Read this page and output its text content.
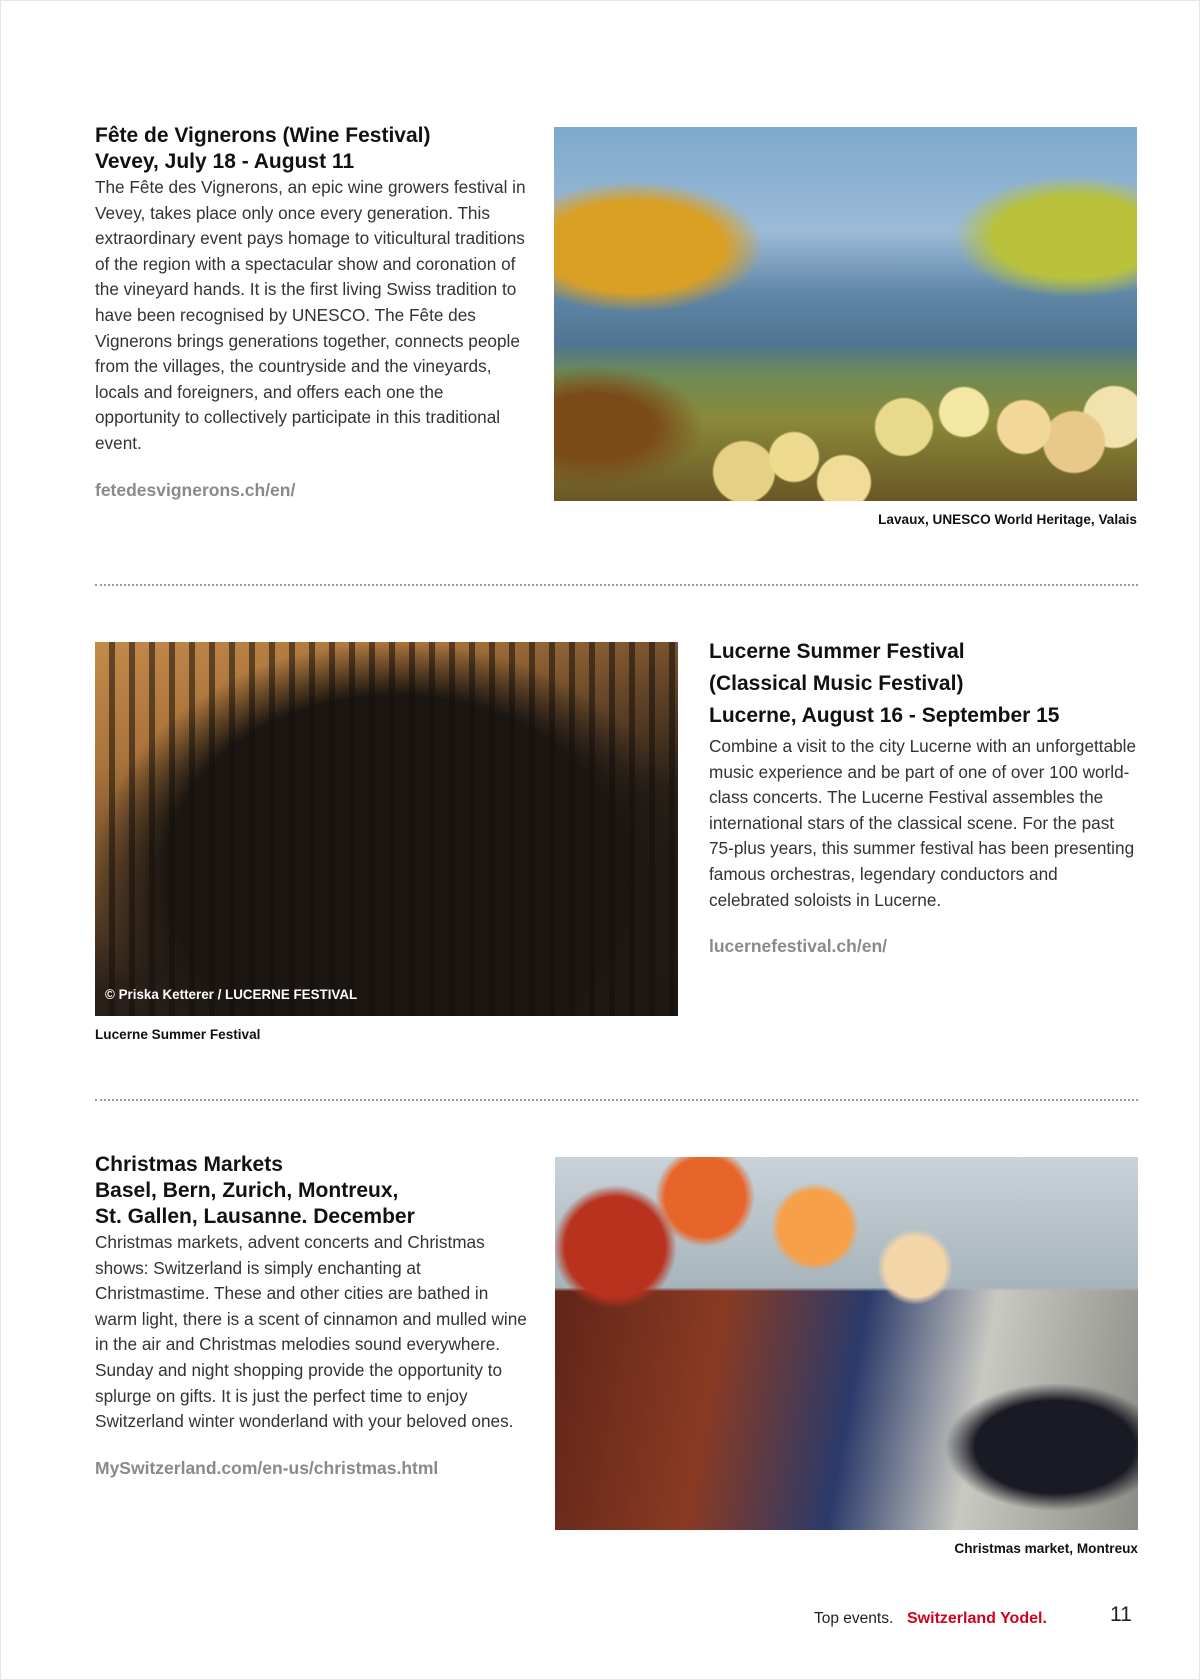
Fête de Vignerons (Wine Festival)
Vevey, July 18 - August 11

The Fête des Vignerons, an epic wine growers festival in Vevey, takes place only once every generation. This extraordinary event pays homage to viticultural traditions of the region with a spectacular show and coronation of the vineyard hands. It is the first living Swiss tradition to have been recognised by UNESCO. The Fête des Vignerons brings generations together, connects people from the villages, the countryside and the vineyards, locals and foreigners, and offers each one the opportunity to collectively participate in this traditional event.

fetedesvignerons.ch/en/
Lavaux, UNESCO World Heritage, Valais
© Priska Ketterer / LUCERNE FESTIVAL
Lucerne Summer Festival
Lucerne Summer Festival
(Classical Music Festival)
Lucerne, August 16 - September 15

Combine a visit to the city Lucerne with an unforgettable music experience and be part of one of over 100 world-class concerts. The Lucerne Festival assembles the international stars of the classical scene. For the past 75-plus years, this summer festival has been presenting famous orchestras, legendary conductors and celebrated soloists in Lucerne.

lucernefestival.ch/en/
Christmas Markets
Basel, Bern, Zurich, Montreux,
St. Gallen, Lausanne. December

Christmas markets, advent concerts and Christmas shows: Switzerland is simply enchanting at Christmastime. These and other cities are bathed in warm light, there is a scent of cinnamon and mulled wine in the air and Christmas melodies sound everywhere. Sunday and night shopping provide the opportunity to splurge on gifts. It is just the perfect time to enjoy Switzerland winter wonderland with your beloved ones.

MySwitzerland.com/en-us/christmas.html
Christmas market, Montreux
Top events. Switzerland Yodel.	11
